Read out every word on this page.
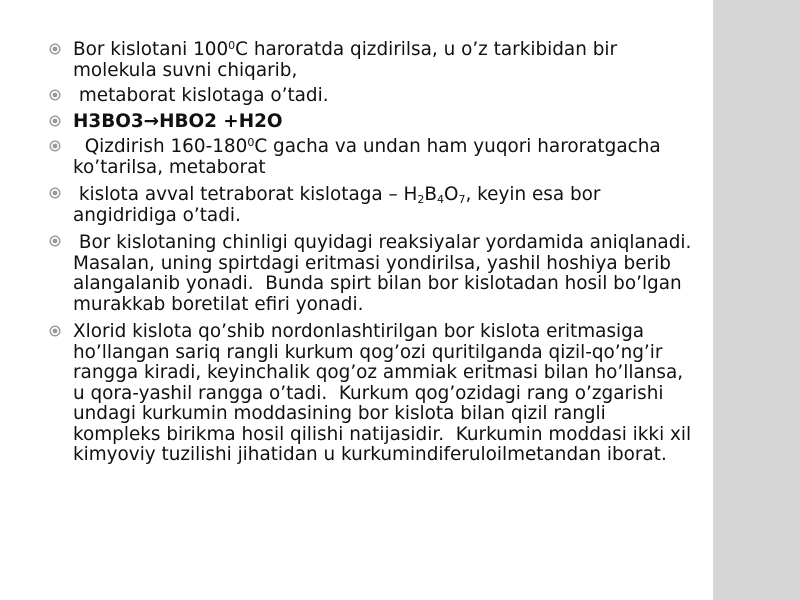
Bor kislotani $100^0C$ haroratda qizdirilsa, u o’z tarkibidan bir molekula suvni chiqarib,
metaborat kislotaga o’tadi.
H3BO3→HBO2 +H2O
Qizdirish $160-180^0C$ gacha va undan ham yuqori haroratgacha ko’tarilsa, metaborat
kislota avval tetraborat kislotaga – $H_2B_4O_7$, keyin esa bor angidridiga o’tadi.
Bor kislotaning chinligi quyidagi reaksiyalar yordamida aniqlanadi. Masalan, uning spirtdagi eritmasi yondirilsa, yashil hoshiya berib alangalanib yonadi.  Bunda spirt bilan bor kislotadan hosil bo’lgan murakkab boretilat efiri yonadi.
Xlorid kislota qo’shib nordonlashtirilgan bor kislota eritmasiga ho’llangan sariq rangli kurkum qog’ozi quritilganda qizil-qo’ng’ir rangga kiradi, keyinchalik qog’oz ammiak eritmasi bilan ho’llansa, u qora-yashil rangga o’tadi.  Kurkum qog’ozidagi rang o’zgarishi undagi kurkumin moddasining bor kislota bilan qizil rangli kompleks birikma hosil qilishi natijasidir.  Kurkumin moddasi ikki xil kimyoviy tuzilishi jihatidan u kurkumindiferuloilmetandan iborat.
